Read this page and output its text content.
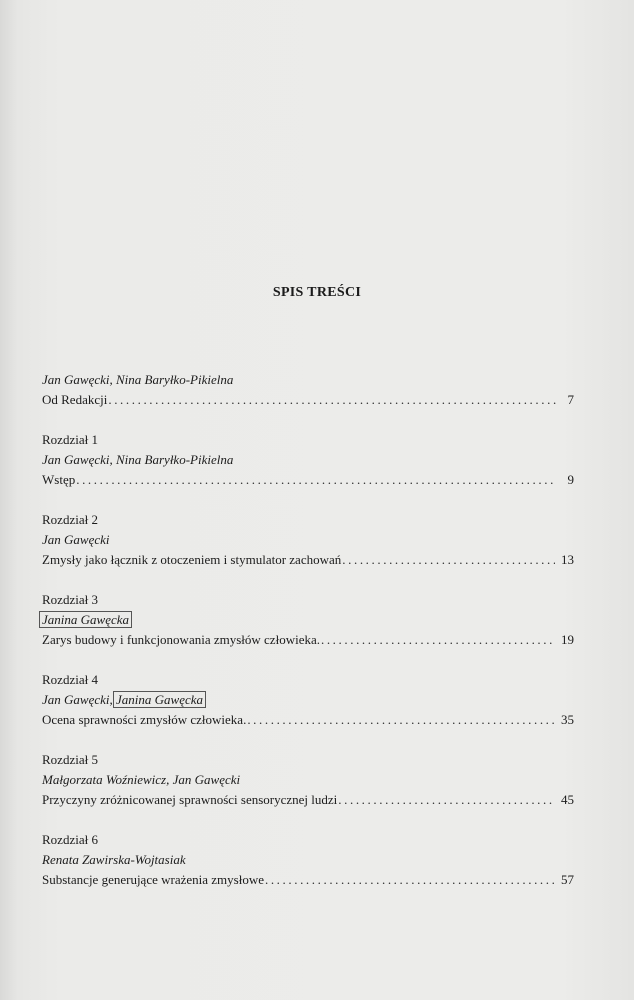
SPIS TREŚCI
Jan Gawęcki, Nina Baryłko-Pikielna
Od Redakcji .....	7
Rozdział 1
Jan Gawęcki, Nina Baryłko-Pikielna
Wstęp .....	9
Rozdział 2
Jan Gawęcki
Zmysły jako łącznik z otoczeniem i stymulator zachowań .....	13
Rozdział 3
Janina Gawęcka
Zarys budowy i funkcjonowania zmysłów człowieka. .....	19
Rozdział 4
Jan Gawęcki, Janina Gawęcka
Ocena sprawności zmysłów człowieka. .....	35
Rozdział 5
Małgorzata Woźniewicz, Jan Gawęcki
Przyczyny zróżnicowanej sprawności sensorycznej ludzi .....	45
Rozdział 6
Renata Zawirska-Wojtasiak
Substancje generujące wrażenia zmysłowe .....	57
